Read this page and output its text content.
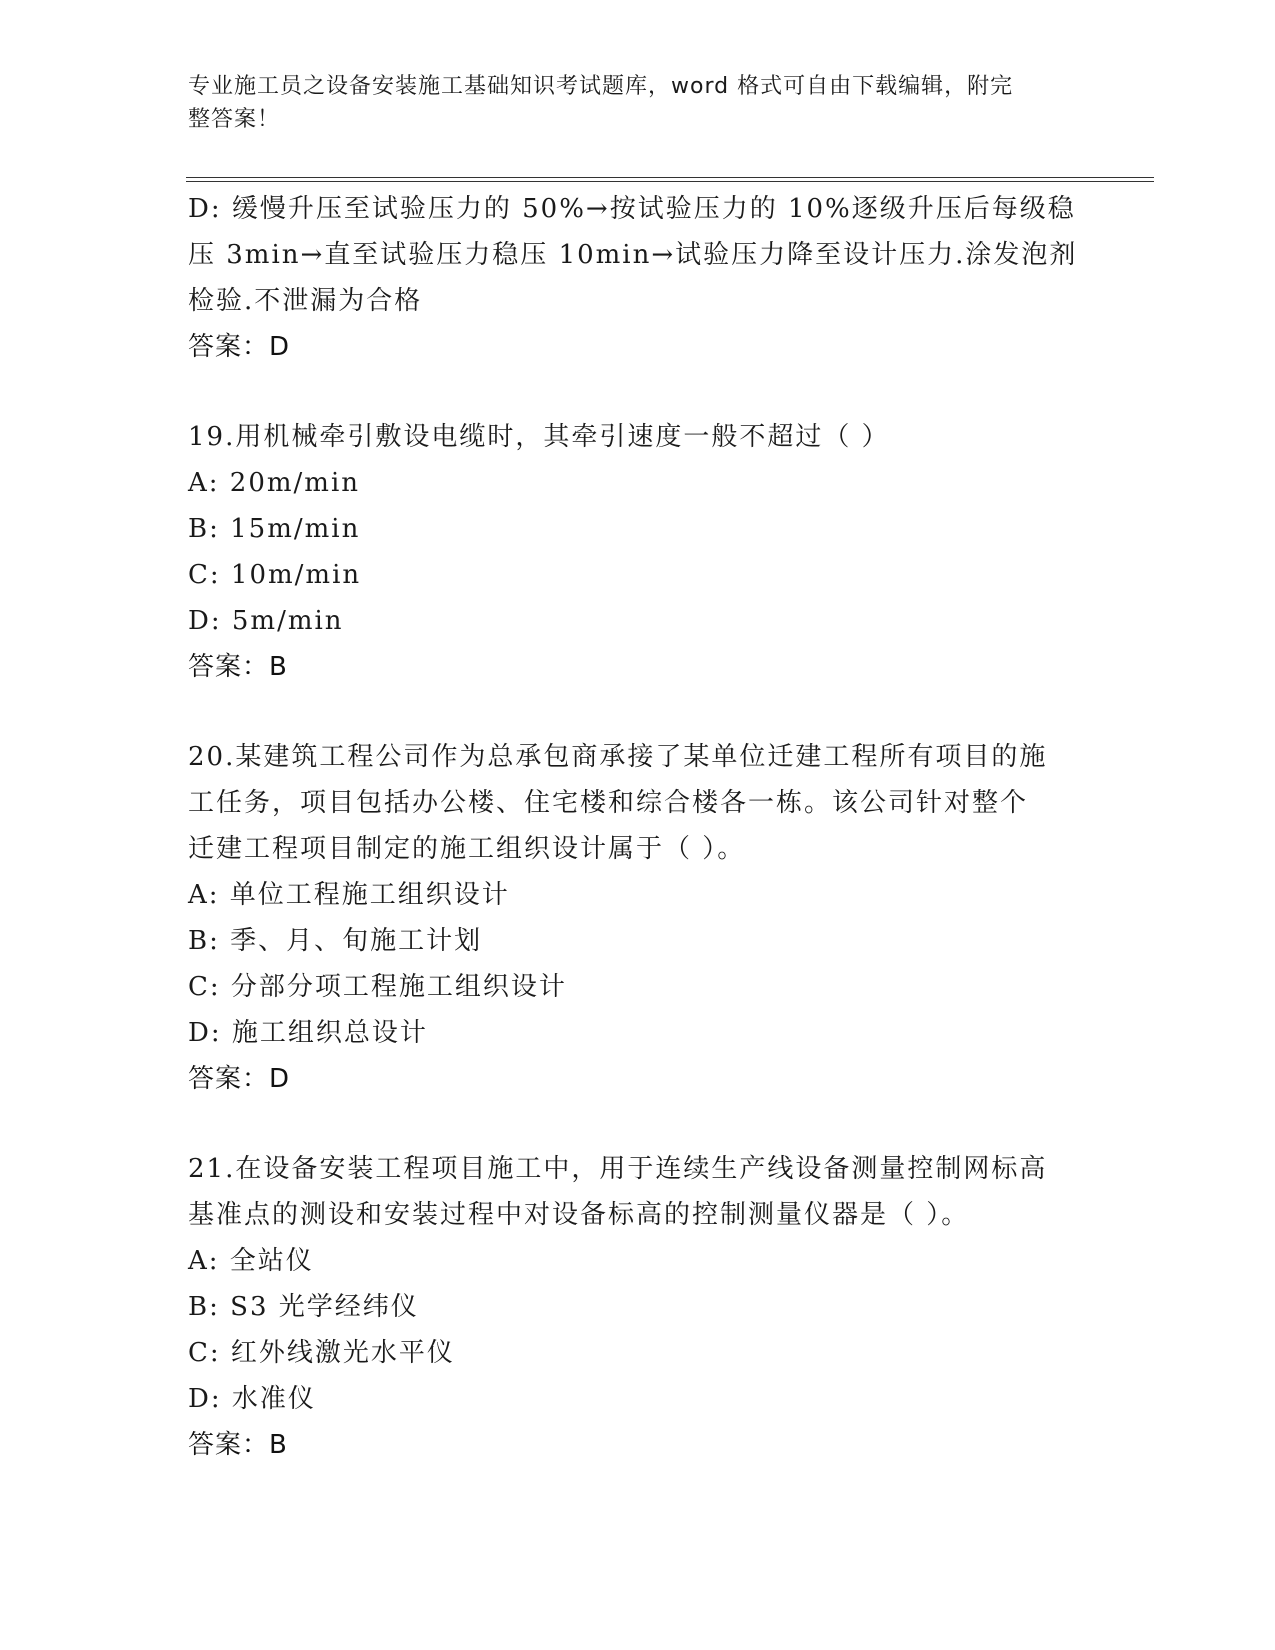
专业施工员之设备安装施工基础知识考试题库，word 格式可自由下载编辑，附完
整答案！
D: 缓慢升压至试验压力的 50%→按试验压力的 10%逐级升压后每级稳
压 3min→直至试验压力稳压 10min→试验压力降至设计压力.涂发泡剂
检验.不泄漏为合格
答案：D
19.用机械牵引敷设电缆时，其牵引速度一般不超过（ ）
A: 20m/min
B: 15m/min
C: 10m/min
D: 5m/min
答案：B
20.某建筑工程公司作为总承包商承接了某单位迁建工程所有项目的施
工任务，项目包括办公楼、住宅楼和综合楼各一栋。该公司针对整个
迁建工程项目制定的施工组织设计属于（ ）。
A: 单位工程施工组织设计
B: 季、月、旬施工计划
C: 分部分项工程施工组织设计
D: 施工组织总设计
答案：D
21.在设备安装工程项目施工中，用于连续生产线设备测量控制网标高
基准点的测设和安装过程中对设备标高的控制测量仪器是（ ）。
A: 全站仪
B: S3 光学经纬仪
C: 红外线激光水平仪
D: 水准仪
答案：B
